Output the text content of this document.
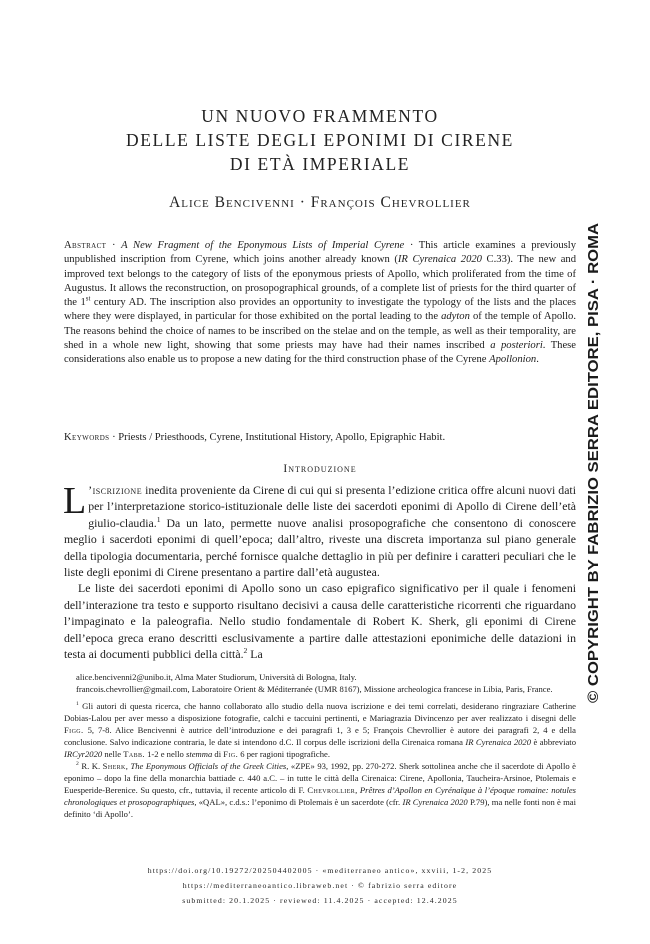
UN NUOVO FRAMMENTO
DELLE LISTE DEGLI EPONIMI DI CIRENE
DI ETÀ IMPERIALE
Alice Bencivenni · François Chevrollier

Abstract · A New Fragment of the Eponymous Lists of Imperial Cyrene · This article examines a previously unpublished inscription from Cyrene, which joins another already known (IR Cyrenaica 2020 C.33). The new and improved text belongs to the category of lists of the eponymous priests of Apollo, which proliferated from the time of Augustus. It allows the reconstruction, on prosopographical grounds, of a complete list of priests for the third quarter of the 1st century AD. The inscription also provides an opportunity to investigate the typology of the lists and the places where they were displayed, in particular for those exhibited on the portal leading to the adyton of the temple of Apollo. The reasons behind the choice of names to be inscribed on the stelae and on the temple, as well as their temporality, are shed in a whole new light, showing that some priests may have had their names inscribed a posteriori. These considerations also enable us to propose a new dating for the third construction phase of the Cyrene Apollonion.

Keywords · Priests / Priesthoods, Cyrene, Institutional History, Apollo, Epigraphic Habit.
Introduzione

L ’iscrizione inedita proveniente da Cirene di cui qui si presenta l’edizione critica offre alcuni nuovi dati per l’interpretazione storico-istituzionale delle liste dei sacerdoti eponimi di Apollo di Cirene dell’età giulio-claudia.$^1$ Da un lato, permette nuove analisi prosopografiche che consentono di conoscere meglio i sacerdoti eponimi di quell’epoca; dall’altro, riveste una discreta importanza sul piano generale della tipologia documentaria, perché fornisce qualche dettaglio in più per definire i caratteri peculiari che le liste degli eponimi di Cirene presentano a partire dall’età augustea.

Le liste dei sacerdoti eponimi di Apollo sono un caso epigrafico significativo per il quale i fenomeni dell’interazione tra testo e supporto risultano decisivi a causa delle caratteristiche ricorrenti che riguardano l’impaginato e la paleografia. Nello studio fondamentale di Robert K. Sherk, gli eponimi di Cirene dell’epoca greca erano descritti esclusivamente a partire dalle attestazioni eponimiche delle datazioni in testa ai documenti pubblici della città.$^2$ La

alice.bencivenni2@unibo.it, Alma Mater Studiorum, Università di Bologna, Italy.

francois.chevrollier@gmail.com, Laboratoire Orient & Méditerranée (UMR 8167), Missione archeologica francese in Libia, Paris, France.

$^1$ Gli autori di questa ricerca, che hanno collaborato allo studio della nuova iscrizione e dei temi correlati, desiderano ringraziare Catherine Dobias-Lalou per aver messo a disposizione fotografie, calchi e taccuini pertinenti, e Mariagrazia Divincenzo per aver realizzato i disegni delle Figg. 5, 7-8. Alice Bencivenni è autrice dell’introduzione e dei paragrafi 1, 3 e 5; François Chevrollier è autore dei paragrafi 2, 4 e della conclusione. Salvo indicazione contraria, le date si intendono d.C. Il corpus delle iscrizioni della Cirenaica romana IR Cyrenaica 2020 è abbreviato IRCyr2020 nelle Tabb. 1-2 e nello stemma di Fig. 6 per ragioni tipografiche.

$^2$ R. K. Sherk, The Eponymous Officials of the Greek Cities, «ZPE» 93, 1992, pp. 270-272. Sherk sottolinea anche che il sacerdote di Apollo è eponimo – dopo la fine della monarchia battiade c. 440 a.C. – in tutte le città della Cirenaica: Cirene, Apollonia, Taucheira-Arsinoe, Ptolemais e Euesperide-Berenice. Su questo, cfr., tuttavia, il recente articolo di F. Chevrollier, Prêtres d’Apollon en Cyrénaïque à l’époque romaine: notules chronologiques et prosopographiques, «QAL», c.d.s.: l’eponimo di Ptolemais è un sacerdote (cfr. IR Cyrenaica 2020 P.79), ma nelle fonti non è mai definito ‘di Apollo’.

https://doi.org/10.19272/202504402005 · «mediterraneo antico», xxviii, 1-2, 2025
https://mediterraneoantico.libraweb.net · © fabrizio serra editore
submitted: 20.1.2025 · reviewed: 11.4.2025 · accepted: 12.4.2025
© COPYRIGHT BY FABRIZIO SERRA EDITORE, PISA · ROMA
